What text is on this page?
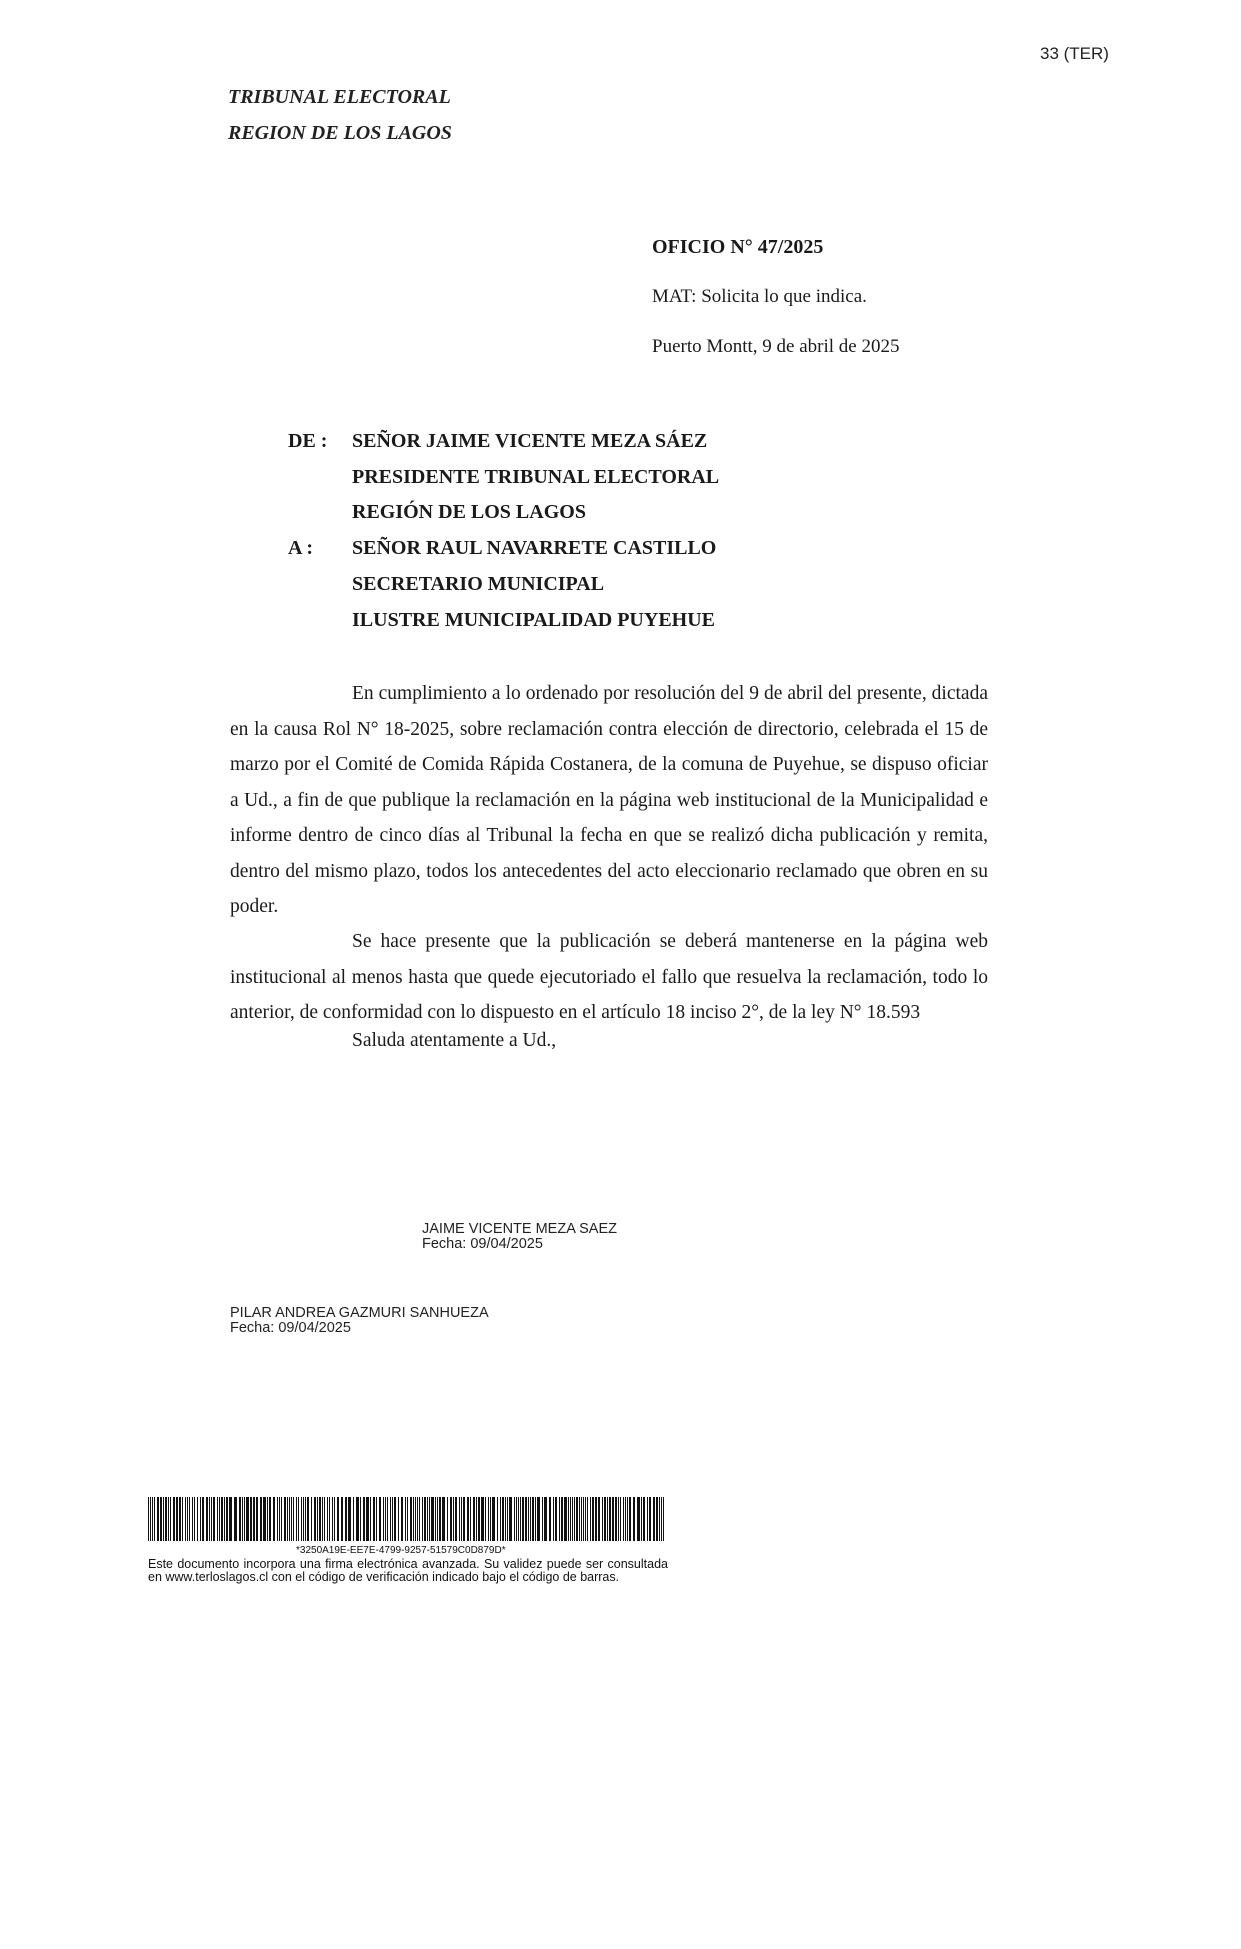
33 (TER)
TRIBUNAL ELECTORAL
REGION DE LOS LAGOS
OFICIO N° 47/2025
MAT: Solicita lo que indica.
Puerto Montt, 9 de abril de 2025
DE : SEÑOR JAIME VICENTE MEZA SÁEZ
PRESIDENTE TRIBUNAL ELECTORAL
REGIÓN DE LOS LAGOS
A : SEÑOR RAUL NAVARRETE CASTILLO
SECRETARIO MUNICIPAL
ILUSTRE MUNICIPALIDAD PUYEHUE

En cumplimiento a lo ordenado por resolución del 9 de abril del presente, dictada en la causa Rol N° 18-2025, sobre reclamación contra elección de directorio, celebrada el 15 de marzo por el Comité de Comida Rápida Costanera, de la comuna de Puyehue, se dispuso oficiar a Ud., a fin de que publique la reclamación en la página web institucional de la Municipalidad e informe dentro de cinco días al Tribunal la fecha en que se realizó dicha publicación y remita, dentro del mismo plazo, todos los antecedentes del acto eleccionario reclamado que obren en su poder.

Se hace presente que la publicación se deberá mantenerse en la página web institucional al menos hasta que quede ejecutoriado el fallo que resuelva la reclamación, todo lo anterior, de conformidad con lo dispuesto en el artículo 18 inciso 2°, de la ley N° 18.593

Saluda atentamente a Ud.,
JAIME VICENTE MEZA SAEZ
Fecha: 09/04/2025
PILAR ANDREA GAZMURI SANHUEZA
Fecha: 09/04/2025
*3250A19E-EE7E-4799-9257-51579C0D879D*
Este documento incorpora una firma electrónica avanzada. Su validez puede ser consultada en www.terloslagos.cl con el código de verificación indicado bajo el código de barras.
